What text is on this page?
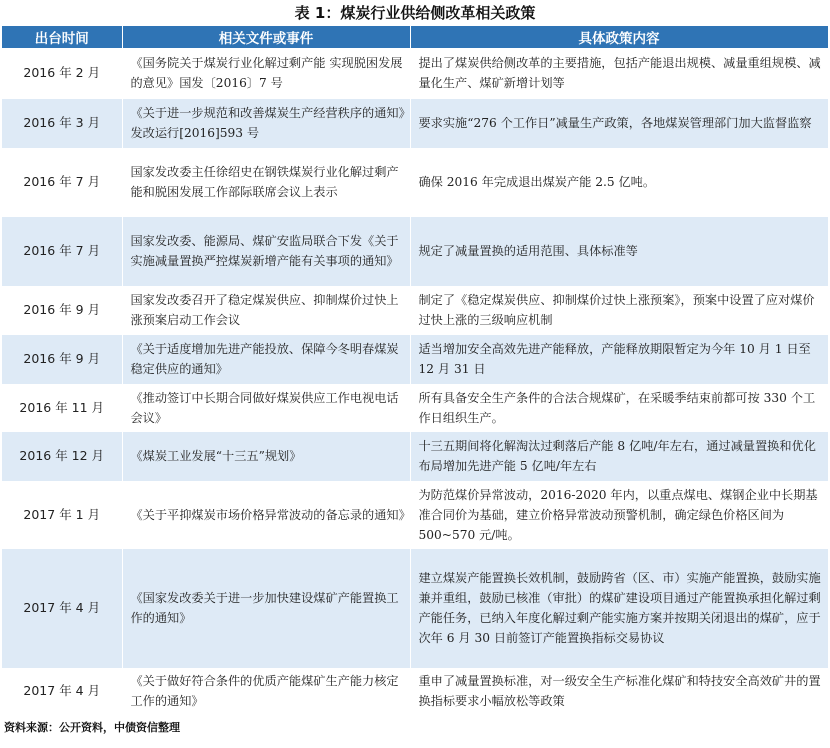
表 1：煤炭行业供给侧改革相关政策
出台时间	相关文件或事件	具体政策内容
2016 年 2 月	《国务院关于煤炭行业化解过剩产能 实现脱困发展的意见》国发〔2016〕7 号	提出了煤炭供给侧改革的主要措施，包括产能退出规模、减量重组规模、减量化生产、煤矿新增计划等
2016 年 3 月	《关于进一步规范和改善煤炭生产经营秩序的通知》发改运行[2016]593 号	要求实施“276 个工作日”减量生产政策，各地煤炭管理部门加大监督监察
2016 年 7 月	国家发改委主任徐绍史在钢铁煤炭行业化解过剩产能和脱困发展工作部际联席会议上表示	确保 2016 年完成退出煤炭产能 2.5 亿吨。
2016 年 7 月	国家发改委、能源局、煤矿安监局联合下发《关于实施减量置换严控煤炭新增产能有关事项的通知》	规定了减量置换的适用范围、具体标准等
2016 年 9 月	国家发改委召开了稳定煤炭供应、抑制煤价过快上涨预案启动工作会议	制定了《稳定煤炭供应、抑制煤价过快上涨预案》，预案中设置了应对煤价过快上涨的三级响应机制
2016 年 9 月	《关于适度增加先进产能投放、保障今冬明春煤炭稳定供应的通知》	适当增加安全高效先进产能释放，产能释放期限暂定为今年 10 月 1 日至 12 月 31 日
2016 年 11 月	《推动签订中长期合同做好煤炭供应工作电视电话会议》	所有具备安全生产条件的合法合规煤矿，在采暖季结束前都可按 330 个工作日组织生产。
2016 年 12 月	《煤炭工业发展“十三五”规划》	十三五期间将化解淘汰过剩落后产能 8 亿吨/年左右，通过减量置换和优化布局增加先进产能 5 亿吨/年左右
2017 年 1 月	《关于平抑煤炭市场价格异常波动的备忘录的通知》	为防范煤价异常波动，2016-2020 年内，以重点煤电、煤钢企业中长期基准合同价为基础，建立价格异常波动预警机制，确定绿色价格区间为 500~570 元/吨。
2017 年 4 月	《国家发改委关于进一步加快建设煤矿产能置换工作的通知》	建立煤炭产能置换长效机制，鼓励跨省（区、市）实施产能置换，鼓励实施兼并重组，鼓励已核准（审批）的煤矿建设项目通过产能置换承担化解过剩产能任务，已纳入年度化解过剩产能实施方案并按期关闭退出的煤矿，应于次年 6 月 30 日前签订产能置换指标交易协议
2017 年 4 月	《关于做好符合条件的优质产能煤矿生产能力核定工作的通知》	重申了减量置换标准，对一级安全生产标准化煤矿和特技安全高效矿井的置换指标要求小幅放松等政策
资料来源：公开资料，中债资信整理
